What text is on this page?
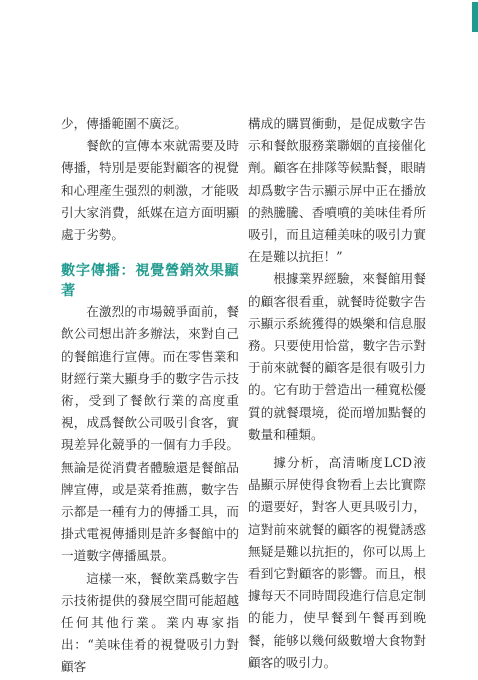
少，傳播範圍不廣泛。

餐飲的宣傳本來就需要及時傳播，特別是要能對顧客的視覺和心理產生强烈的刺激，才能吸引大家消費，紙媒在這方面明顯處于劣勢。

數字傳播：視覺營銷效果顯著

在激烈的市場競爭面前，餐飲公司想出許多辦法，來對自己的餐館進行宣傳。而在零售業和財經行業大顯身手的數字告示技術，受到了餐飲行業的高度重視，成爲餐飲公司吸引食客，實現差异化競爭的一個有力手段。無論是從消費者體驗還是餐館品牌宣傳，或是菜肴推薦，數字告示都是一種有力的傳播工具，而掛式電視傳播則是許多餐館中的一道數字傳播風景。

這樣一來，餐飲業爲數字告示技術提供的發展空間可能超越任何其他行業。業内專家指出：“美味佳肴的視覺吸引力對顧客

構成的購買衝動，是促成數字告示和餐飲服務業聯姻的直接催化劑。顧客在排隊等候點餐，眼睛却爲數字告示顯示屏中正在播放的熱騰騰、香噴噴的美味佳肴所吸引，而且這種美味的吸引力實在是難以抗拒！”

根據業界經驗，來餐館用餐的顧客很看重，就餐時從數字告示顯示系統獲得的娛樂和信息服務。只要使用恰當，數字告示對于前來就餐的顧客是很有吸引力的。它有助于營造出一種寬松優質的就餐環境，從而增加點餐的數量和種類。

據分析，高清晰度LCD液晶顯示屏使得食物看上去比實際的還要好，對客人更具吸引力，這對前來就餐的顧客的視覺誘惑無疑是難以抗拒的，你可以馬上看到它對顧客的影響。而且，根據每天不同時間段進行信息定制的能力，使早餐到午餐再到晚餐，能够以幾何級數增大食物對顧客的吸引力。
